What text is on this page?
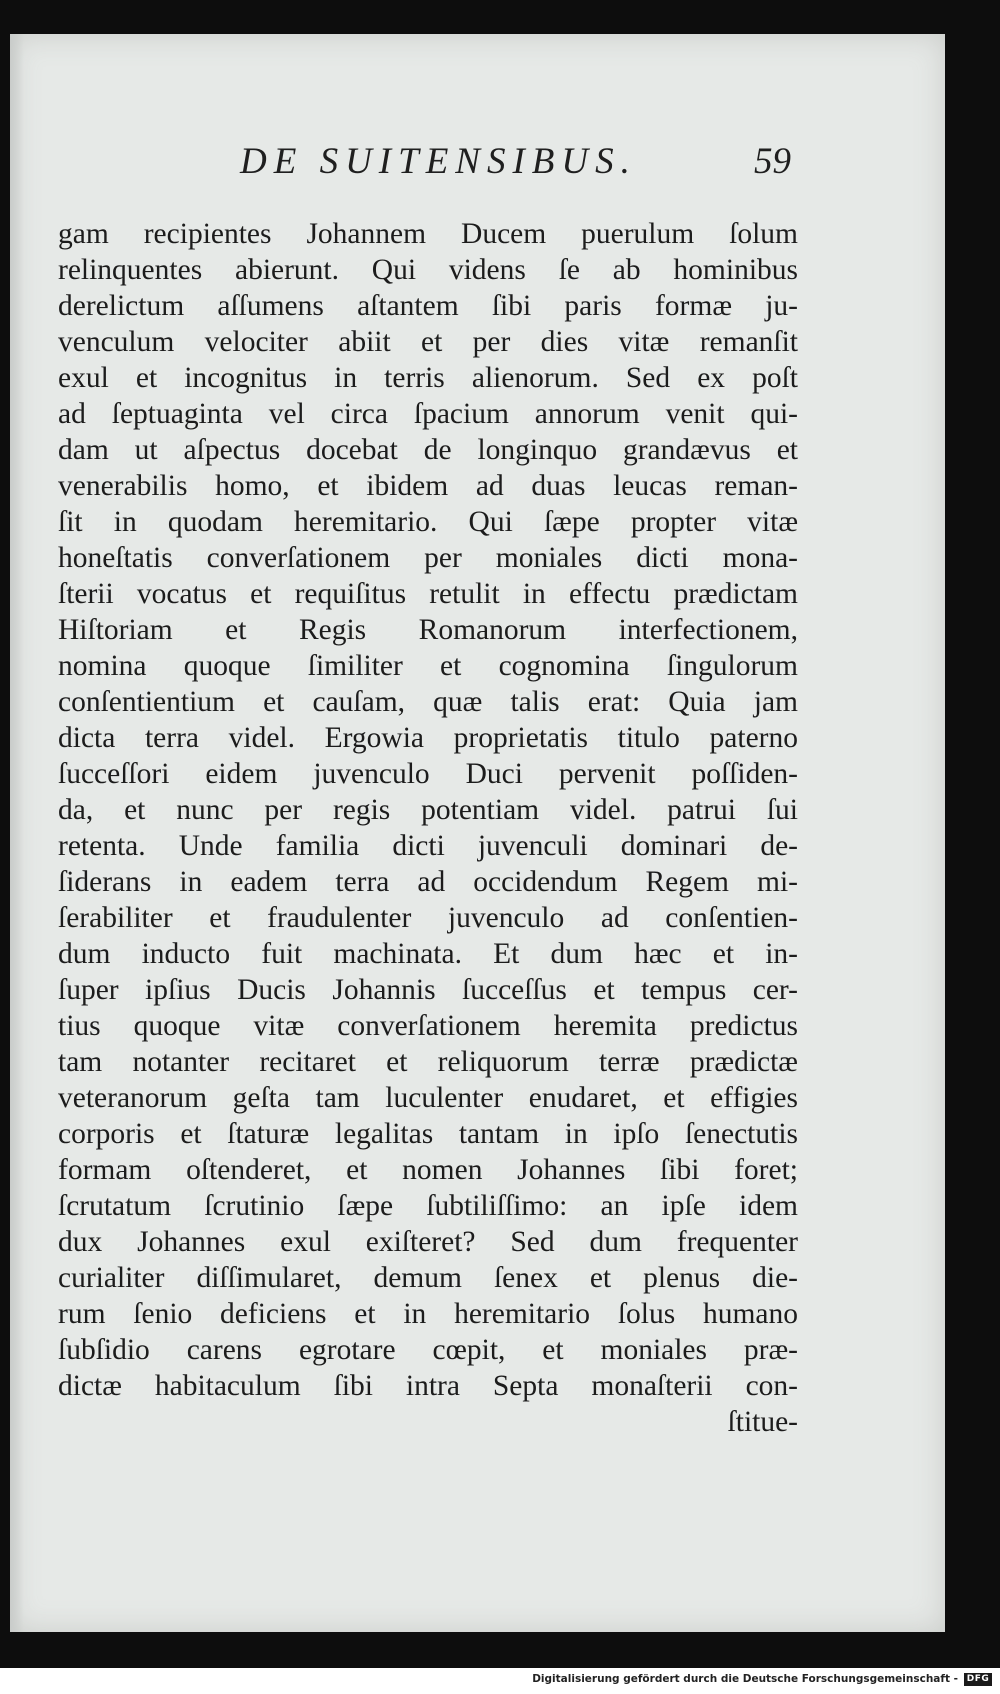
DE SUITENSIBUS.	59
gam recipientes Johannem Ducem puerulum ſolum
relinquentes abierunt. Qui videns ſe ab hominibus
derelictum aſſumens aſtantem ſibi paris formæ ju-
venculum velociter abiit et per dies vitæ remanſit
exul et incognitus in terris alienorum. Sed ex poſt
ad ſeptuaginta vel circa ſpacium annorum venit qui-
dam ut aſpectus docebat de longinquo grandævus et
venerabilis homo, et ibidem ad duas leucas reman-
ſit in quodam heremitario. Qui ſæpe propter vitæ
honeſtatis converſationem per moniales dicti mona-
ſterii vocatus et requiſitus retulit in effectu prædictam
Hiſtoriam et Regis Romanorum interfectionem,
nomina quoque ſimiliter et cognomina ſingulorum
conſentientium et cauſam, quæ talis erat: Quia jam
dicta terra videl. Ergowia proprietatis titulo paterno
ſucceſſori eidem juvenculo Duci pervenit poſſiden-
da, et nunc per regis potentiam videl. patrui ſui
retenta. Unde familia dicti juvenculi dominari de-
ſiderans in eadem terra ad occidendum Regem mi-
ſerabiliter et fraudulenter juvenculo ad conſentien-
dum inducto fuit machinata. Et dum hæc et in-
ſuper ipſius Ducis Johannis ſucceſſus et tempus cer-
tius quoque vitæ converſationem heremita predictus
tam notanter recitaret et reliquorum terræ prædictæ
veteranorum geſta tam luculenter enudaret, et effigies
corporis et ſtaturæ legalitas tantam in ipſo ſenectutis
formam oſtenderet, et nomen Johannes ſibi foret;
ſcrutatum ſcrutinio ſæpe ſubtiliſſimo: an ipſe idem
dux Johannes exul exiſteret? Sed dum frequenter
curialiter diſſimularet, demum ſenex et plenus die-
rum ſenio deficiens et in heremitario ſolus humano
ſubſidio carens egrotare cœpit, et moniales præ-
dictæ habitaculum ſibi intra Septa monaſterii con-
ſtitue-
Digitalisierung gefördert durch die Deutsche Forschungsgemeinschaft - DFG
